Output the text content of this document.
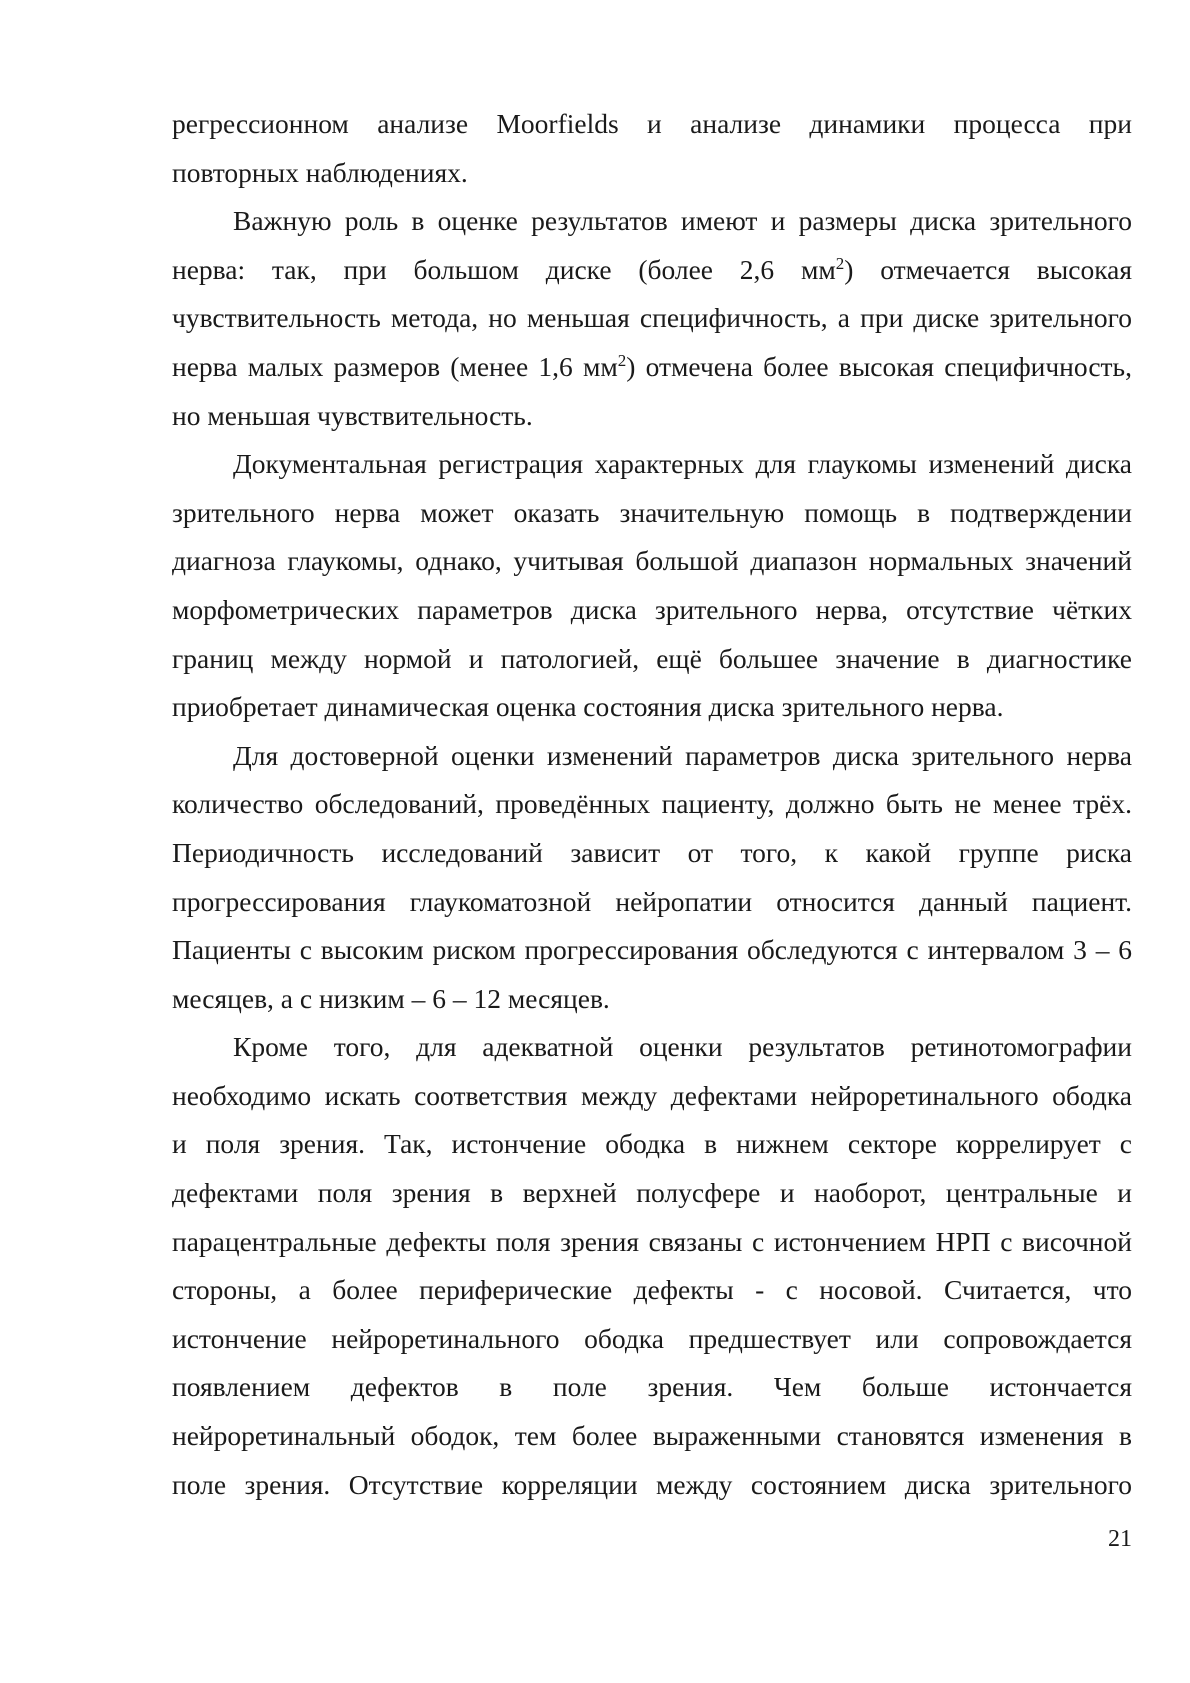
регрессионном анализе Moorfields и анализе динамики процесса при
повторных наблюдениях.

Важную роль в оценке результатов имеют и размеры диска зрительного
нерва: так, при большом диске (более 2,6 $мм^2$) отмечается высокая
чувствительность метода, но меньшая специфичность, а при диске зрительного
нерва малых размеров (менее 1,6 $мм^2$) отмечена более высокая специфичность,
но меньшая чувствительность.

Документальная регистрация характерных для глаукомы изменений диска
зрительного нерва может оказать значительную помощь в подтверждении
диагноза глаукомы, однако, учитывая большой диапазон нормальных значений
морфометрических параметров диска зрительного нерва, отсутствие чётких
границ между нормой и патологией, ещё большее значение в диагностике
приобретает динамическая оценка состояния диска зрительного нерва.

Для достоверной оценки изменений параметров диска зрительного нерва
количество обследований, проведённых пациенту, должно быть не менее трёх.
Периодичность исследований зависит от того, к какой группе риска
прогрессирования глаукоматозной нейропатии относится данный пациент.
Пациенты с высоким риском прогрессирования обследуются с интервалом 3 – 6
месяцев, а с низким – 6 – 12 месяцев.

Кроме того, для адекватной оценки результатов ретинотомографии
необходимо искать соответствия между дефектами нейроретинального ободка
и поля зрения. Так, истончение ободка в нижнем секторе коррелирует с
дефектами поля зрения в верхней полусфере и наоборот, центральные и
парацентральные дефекты поля зрения связаны с истончением НРП с височной
стороны, а более периферические дефекты - с носовой. Считается, что
истончение нейроретинального ободка предшествует или сопровождается
появлением дефектов в поле зрения. Чем больше истончается
нейроретинальный ободок, тем более выраженными становятся изменения в
поле зрения. Отсутствие корреляции между состоянием диска зрительного

21
